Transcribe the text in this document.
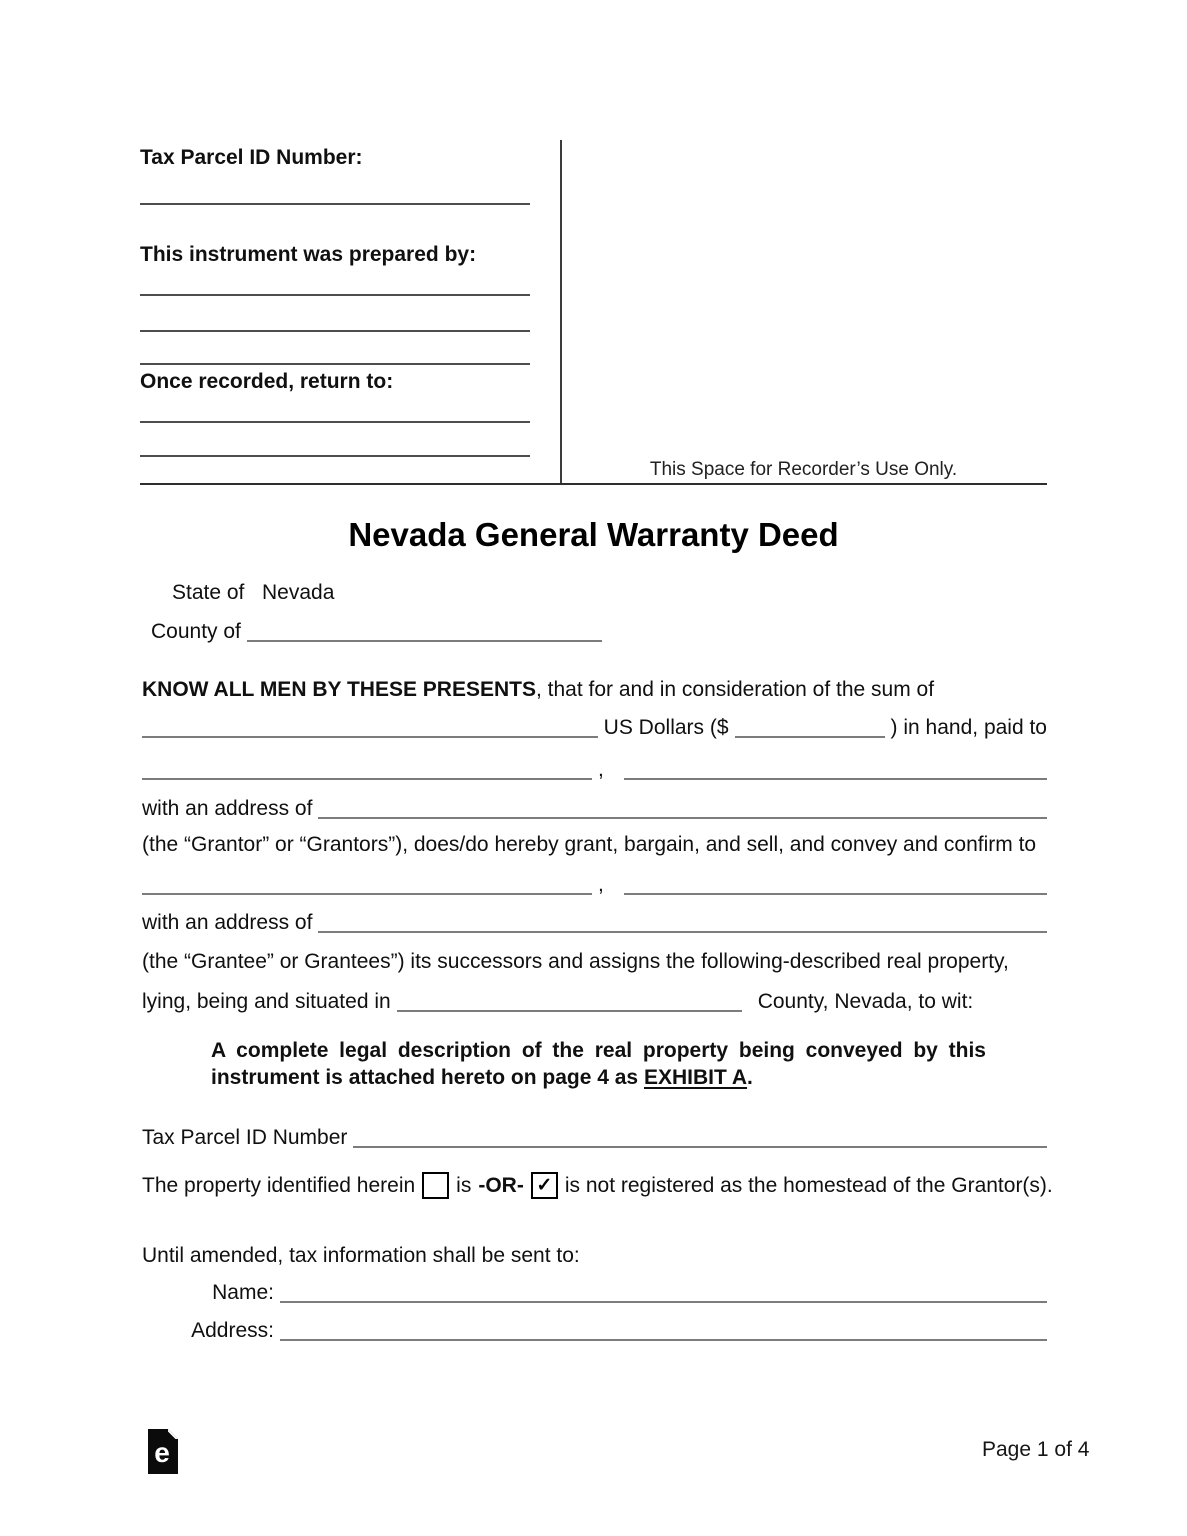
Tax Parcel ID Number:
This instrument was prepared by:
Once recorded, return to:
This Space for Recorder’s Use Only.
Nevada General Warranty Deed
State of Nevada
County of
KNOW ALL MEN BY THESE PRESENTS, that for and in consideration of the sum of
US Dollars ($	) in hand, paid to
,
with an address of
(the “Grantor” or “Grantors”), does/do hereby grant, bargain, and sell, and convey and confirm to
,
with an address of
(the “Grantee” or Grantees”) its successors and assigns the following-described real property,
lying, being and situated in	County, Nevada, to wit:

A complete legal description of the real property being conveyed by this instrument is attached hereto on page 4 as EXHIBIT A.

Tax Parcel ID Number
The property identified herein is -OR- ✓ is not registered as the homestead of the Grantor(s).
Until amended, tax information shall be sent to:
Name:
Address:
e	Page 1 of 4
